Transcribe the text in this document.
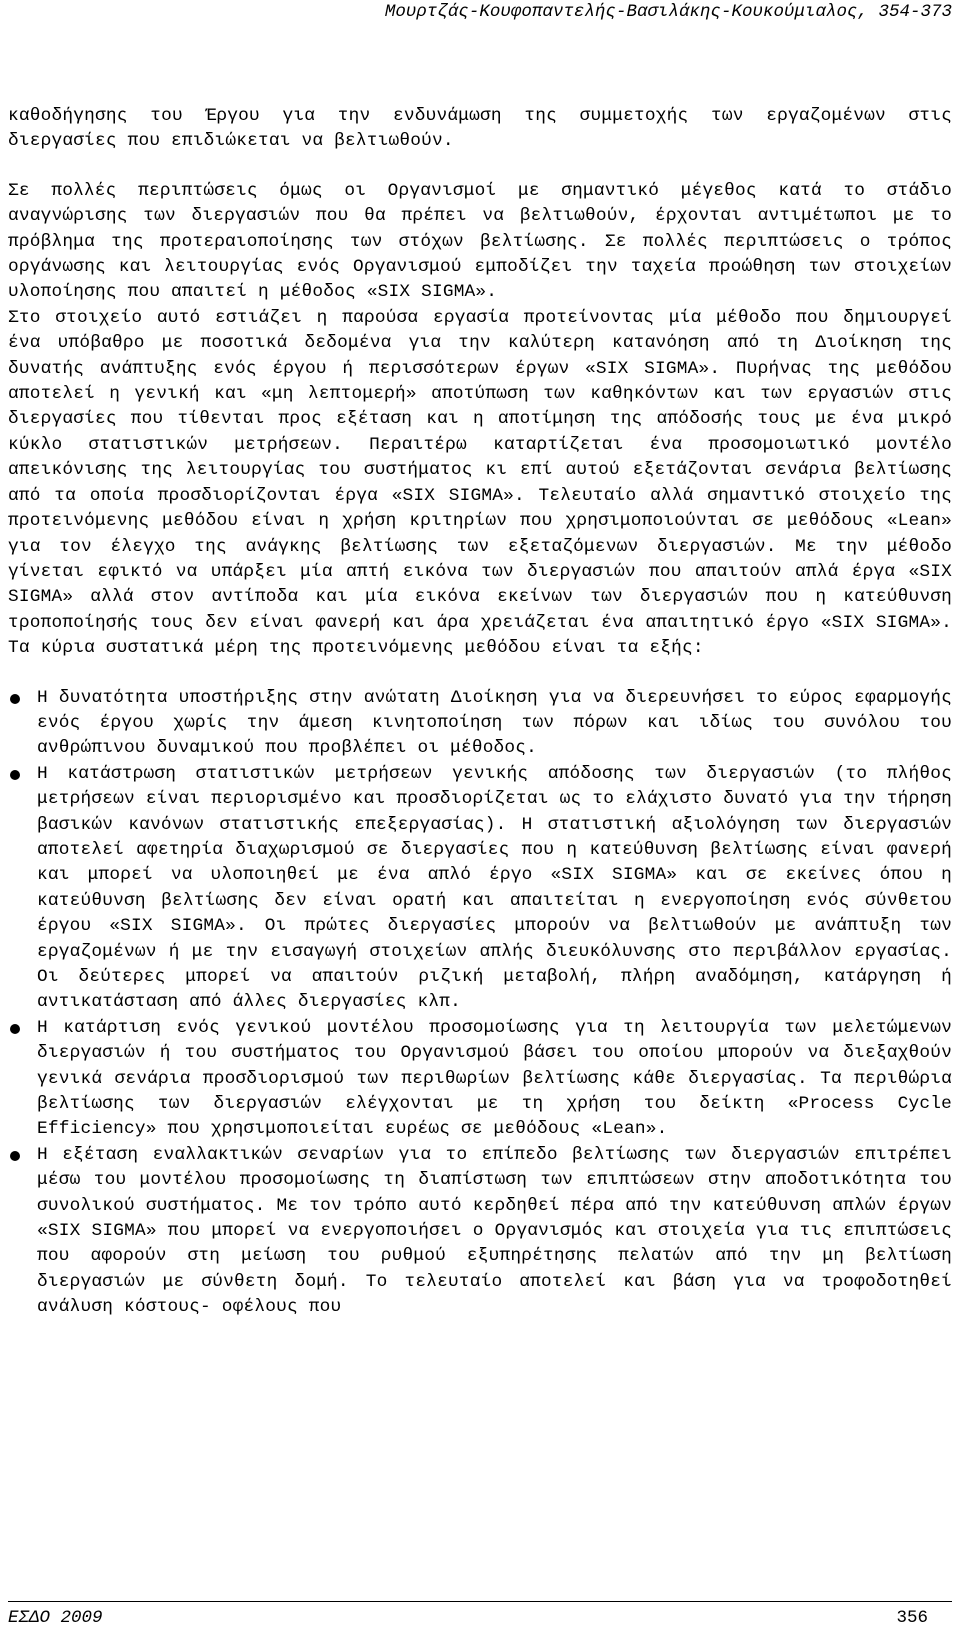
Μουρτζάς-Κουφοπαντελής-Βασιλάκης-Κουκούμιαλος, 354-373

καθοδήγησης του Έργου για την ενδυνάμωση της συμμετοχής των εργαζομένων στις διεργασίες που επιδιώκεται να βελτιωθούν.

Σε πολλές περιπτώσεις όμως οι Οργανισμοί με σημαντικό μέγεθος κατά το στάδιο αναγνώρισης των διεργασιών που θα πρέπει να βελτιωθούν, έρχονται αντιμέτωποι με το πρόβλημα της προτεραιοποίησης των στόχων βελτίωσης. Σε πολλές περιπτώσεις ο τρόπος οργάνωσης και λειτουργίας ενός Οργανισμού εμποδίζει την ταχεία προώθηση των στοιχείων υλοποίησης που απαιτεί η μέθοδος «SIX SIGMA».

Στο στοιχείο αυτό εστιάζει η παρούσα εργασία προτείνοντας μία μέθοδο που δημιουργεί ένα υπόβαθρο με ποσοτικά δεδομένα για την καλύτερη κατανόηση από τη Διοίκηση της δυνατής ανάπτυξης ενός έργου ή περισσότερων έργων «SIX SIGMA». Πυρήνας της μεθόδου αποτελεί η γενική και «μη λεπτομερή» αποτύπωση των καθηκόντων και των εργασιών στις διεργασίες που τίθενται προς εξέταση και η αποτίμηση της απόδοσής τους με ένα μικρό κύκλο στατιστικών μετρήσεων. Περαιτέρω καταρτίζεται ένα προσομοιωτικό μοντέλο απεικόνισης της λειτουργίας του συστήματος κι επί αυτού εξετάζονται σενάρια βελτίωσης από τα οποία προσδιορίζονται έργα «SIX SIGMA». Τελευταίο αλλά σημαντικό στοιχείο της προτεινόμενης μεθόδου είναι η χρήση κριτηρίων που χρησιμοποιούνται σε μεθόδους «Lean» για τον έλεγχο της ανάγκης βελτίωσης των εξεταζόμενων διεργασιών. Με την μέθοδο γίνεται εφικτό να υπάρξει μία απτή εικόνα των διεργασιών που απαιτούν απλά έργα «SIX SIGMA» αλλά στον αντίποδα και μία εικόνα εκείνων των διεργασιών που η κατεύθυνση τροποποίησής τους δεν είναι φανερή και άρα χρειάζεται ένα απαιτητικό έργο «SIX SIGMA». Τα κύρια συστατικά μέρη της προτεινόμενης μεθόδου είναι τα εξής:

Η δυνατότητα υποστήριξης στην ανώτατη Διοίκηση για να διερευνήσει το εύρος εφαρμογής ενός έργου χωρίς την άμεση κινητοποίηση των πόρων και ιδίως του συνόλου του ανθρώπινου δυναμικού που προβλέπει οι μέθοδος.
Η κατάστρωση στατιστικών μετρήσεων γενικής απόδοσης των διεργασιών (το πλήθος μετρήσεων είναι περιορισμένο και προσδιορίζεται ως το ελάχιστο δυνατό για την τήρηση βασικών κανόνων στατιστικής επεξεργασίας). Η στατιστική αξιολόγηση των διεργασιών αποτελεί αφετηρία διαχωρισμού σε διεργασίες που η κατεύθυνση βελτίωσης είναι φανερή και μπορεί να υλοποιηθεί με ένα απλό έργο «SIX SIGMA» και σε εκείνες όπου η κατεύθυνση βελτίωσης δεν είναι ορατή και απαιτείται η ενεργοποίηση ενός σύνθετου έργου «SIX SIGMA». Οι πρώτες διεργασίες μπορούν να βελτιωθούν με ανάπτυξη των εργαζομένων ή με την εισαγωγή στοιχείων απλής διευκόλυνσης στο περιβάλλον εργασίας. Οι δεύτερες μπορεί να απαιτούν ριζική μεταβολή, πλήρη αναδόμηση, κατάργηση ή αντικατάσταση από άλλες διεργασίες κλπ.
Η κατάρτιση ενός γενικού μοντέλου προσομοίωσης για τη λειτουργία των μελετώμενων διεργασιών ή του συστήματος του Οργανισμού βάσει του οποίου μπορούν να διεξαχθούν γενικά σενάρια προσδιορισμού των περιθωρίων βελτίωσης κάθε διεργασίας. Τα περιθώρια βελτίωσης των διεργασιών ελέγχονται με τη χρήση του δείκτη «Process Cycle Efficiency» που χρησιμοποιείται ευρέως σε μεθόδους «Lean».
Η εξέταση εναλλακτικών σεναρίων για το επίπεδο βελτίωσης των διεργασιών επιτρέπει μέσω του μοντέλου προσομοίωσης τη διαπίστωση των επιπτώσεων στην αποδοτικότητα του συνολικού συστήματος. Με τον τρόπο αυτό κερδηθεί πέρα από την κατεύθυνση απλών έργων «SIX SIGMA» που μπορεί να ενεργοποιήσει ο Οργανισμός και στοιχεία για τις επιπτώσεις που αφορούν στη μείωση του ρυθμού εξυπηρέτησης πελατών από την μη βελτίωση διεργασιών με σύνθετη δομή. Το τελευταίο αποτελεί και βάση για να τροφοδοτηθεί ανάλυση κόστους- οφέλους που
ΕΣΔΟ 2009	356
